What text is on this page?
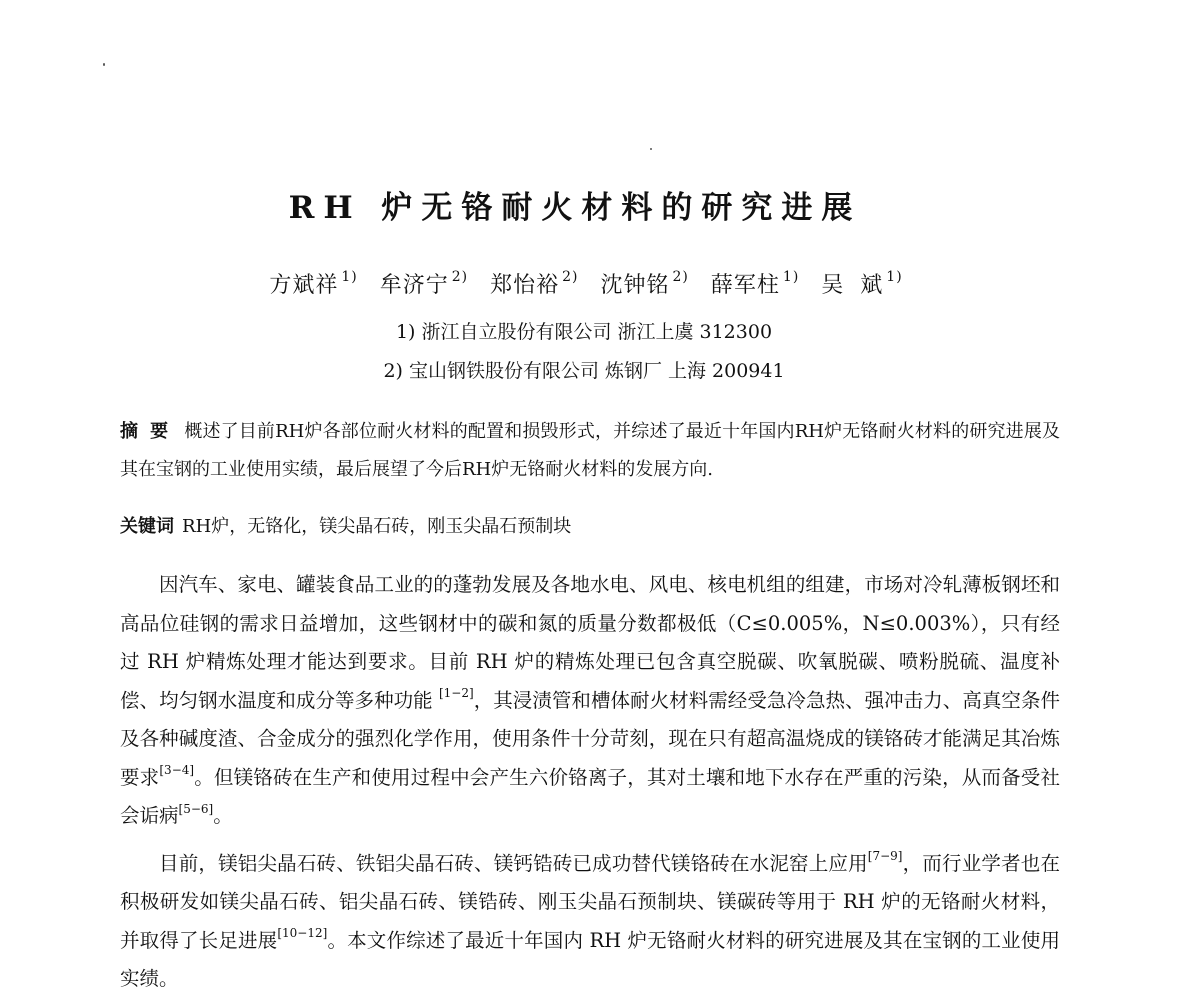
RH 炉无铬耐火材料的研究进展
方斌祥 $^{1)}$ 牟济宁 $^{2)}$ 郑怡裕 $^{2)}$ 沈钟铭 $^{2)}$ 薛军柱 $^{1)}$ 吴  斌 $^{1)}$
1) 浙江自立股份有限公司 浙江上虞 312300
2) 宝山钢铁股份有限公司 炼钢厂 上海 200941
摘要 概述了目前RH炉各部位耐火材料的配置和损毁形式，并综述了最近十年国内RH炉无铬耐火材料的研究进展及其在宝钢的工业使用实绩，最后展望了今后RH炉无铬耐火材料的发展方向.
关键词 RH炉，无铬化，镁尖晶石砖，刚玉尖晶石预制块

因汽车、家电、罐装食品工业的的蓬勃发展及各地水电、风电、核电机组的组建，市场对冷轧薄板钢坯和高品位硅钢的需求日益增加，这些钢材中的碳和氮的质量分数都极低（C≤0.005%，N≤0.003%），只有经过 RH 炉精炼处理才能达到要求。目前 RH 炉的精炼处理已包含真空脱碳、吹氧脱碳、喷粉脱硫、温度补偿、均匀钢水温度和成分等多种功能 [1−2]，其浸渍管和槽体耐火材料需经受急冷急热、强冲击力、高真空条件及各种碱度渣、合金成分的强烈化学作用，使用条件十分苛刻，现在只有超高温烧成的镁铬砖才能满足其冶炼要求[3−4]。但镁铬砖在生产和使用过程中会产生六价铬离子，其对土壤和地下水存在严重的污染，从而备受社会诟病[5−6]。

目前，镁铝尖晶石砖、铁铝尖晶石砖、镁钙锆砖已成功替代镁铬砖在水泥窑上应用[7−9]，而行业学者也在积极研发如镁尖晶石砖、铝尖晶石砖、镁锆砖、刚玉尖晶石预制块、镁碳砖等用于 RH 炉的无铬耐火材料，并取得了长足进展[10−12]。本文作综述了最近十年国内 RH 炉无铬耐火材料的研究进展及其在宝钢的工业使用实绩。
